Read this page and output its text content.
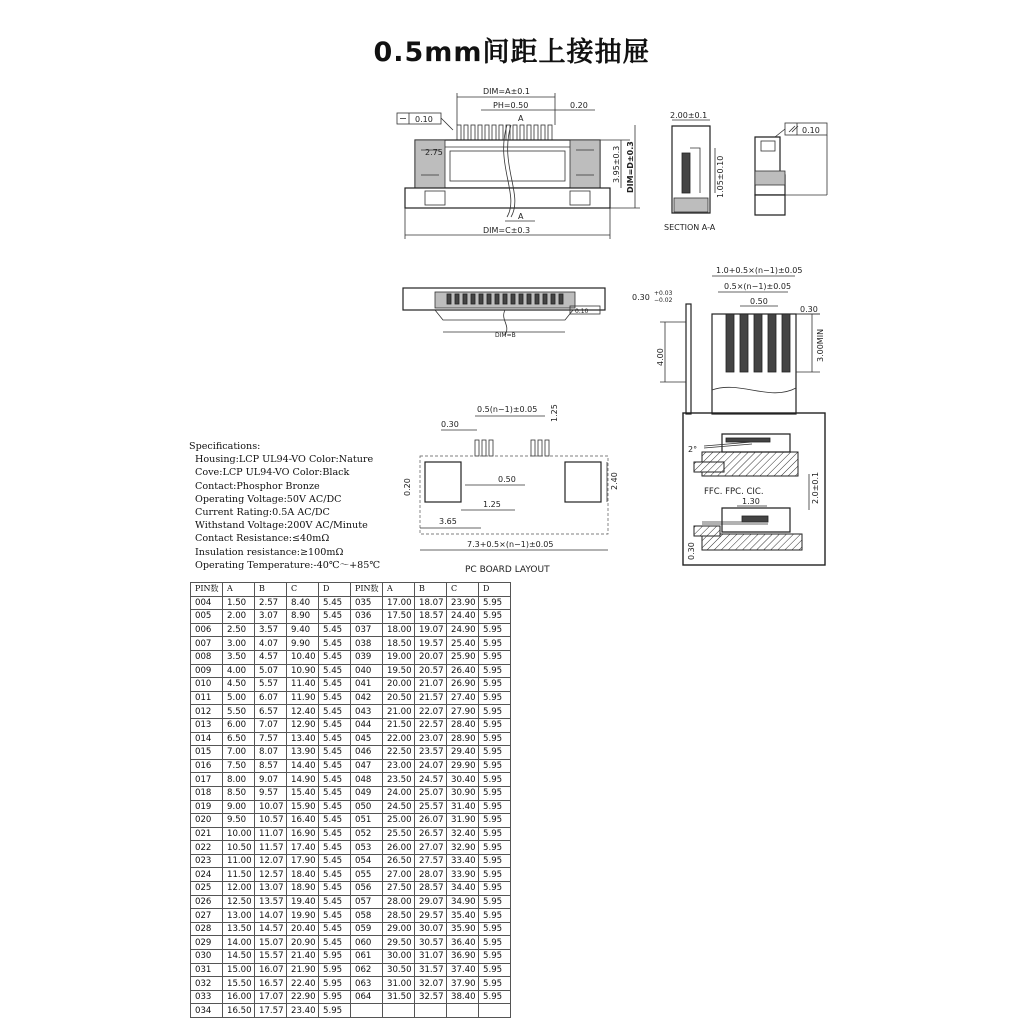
0.5mm间距上接抽屉
DIM=A±0.1
PH=0.50	0.20
A
0.10
2.75
A
DIM=C±0.3
3.95±0.3 DIM=D±0.3
2.00±0.1
1.05±0.10
SECTION A-A
0.10
0.10
DIM=B
1.0+0.5×(n−1)±0.05
0.5×(n−1)±0.05
0.30 +0.03
−0.02	0.50
0.30
4.00	3.00MIN
0.5(n−1)±0.05 1.25
0.30
0.20	2.40
0.50
1.25
3.65
7.3+0.5×(n−1)±0.05
PC BOARD LAYOUT
2°
FFC. FPC. CIC.	2.0±0.1
1.30
0.30
Specifications:
Housing:LCP UL94-VO Color:Nature
Cove:LCP UL94-VO Color:Black
Contact:Phosphor Bronze
Operating Voltage:50V AC/DC
Current Rating:0.5A AC/DC
Withstand Voltage:200V AC/Minute
Contact Resistance:≤40mΩ
Insulation resistance:≥100mΩ
Operating Temperature:-40℃～+85℃
PIN数	A	B	C	D	PIN数	A	B	C	D
004	1.50	2.57	8.40	5.45	035	17.00	18.07	23.90	5.95
005	2.00	3.07	8.90	5.45	036	17.50	18.57	24.40	5.95
006	2.50	3.57	9.40	5.45	037	18.00	19.07	24.90	5.95
007	3.00	4.07	9.90	5.45	038	18.50	19.57	25.40	5.95
008	3.50	4.57	10.40	5.45	039	19.00	20.07	25.90	5.95
009	4.00	5.07	10.90	5.45	040	19.50	20.57	26.40	5.95
010	4.50	5.57	11.40	5.45	041	20.00	21.07	26.90	5.95
011	5.00	6.07	11.90	5.45	042	20.50	21.57	27.40	5.95
012	5.50	6.57	12.40	5.45	043	21.00	22.07	27.90	5.95
013	6.00	7.07	12.90	5.45	044	21.50	22.57	28.40	5.95
014	6.50	7.57	13.40	5.45	045	22.00	23.07	28.90	5.95
015	7.00	8.07	13.90	5.45	046	22.50	23.57	29.40	5.95
016	7.50	8.57	14.40	5.45	047	23.00	24.07	29.90	5.95
017	8.00	9.07	14.90	5.45	048	23.50	24.57	30.40	5.95
018	8.50	9.57	15.40	5.45	049	24.00	25.07	30.90	5.95
019	9.00	10.07	15.90	5.45	050	24.50	25.57	31.40	5.95
020	9.50	10.57	16.40	5.45	051	25.00	26.07	31.90	5.95
021	10.00	11.07	16.90	5.45	052	25.50	26.57	32.40	5.95
022	10.50	11.57	17.40	5.45	053	26.00	27.07	32.90	5.95
023	11.00	12.07	17.90	5.45	054	26.50	27.57	33.40	5.95
024	11.50	12.57	18.40	5.45	055	27.00	28.07	33.90	5.95
025	12.00	13.07	18.90	5.45	056	27.50	28.57	34.40	5.95
026	12.50	13.57	19.40	5.45	057	28.00	29.07	34.90	5.95
027	13.00	14.07	19.90	5.45	058	28.50	29.57	35.40	5.95
028	13.50	14.57	20.40	5.45	059	29.00	30.07	35.90	5.95
029	14.00	15.07	20.90	5.45	060	29.50	30.57	36.40	5.95
030	14.50	15.57	21.40	5.95	061	30.00	31.07	36.90	5.95
031	15.00	16.07	21.90	5.95	062	30.50	31.57	37.40	5.95
032	15.50	16.57	22.40	5.95	063	31.00	32.07	37.90	5.95
033	16.00	17.07	22.90	5.95	064	31.50	32.57	38.40	5.95
034	16.50	17.57	23.40	5.95					
